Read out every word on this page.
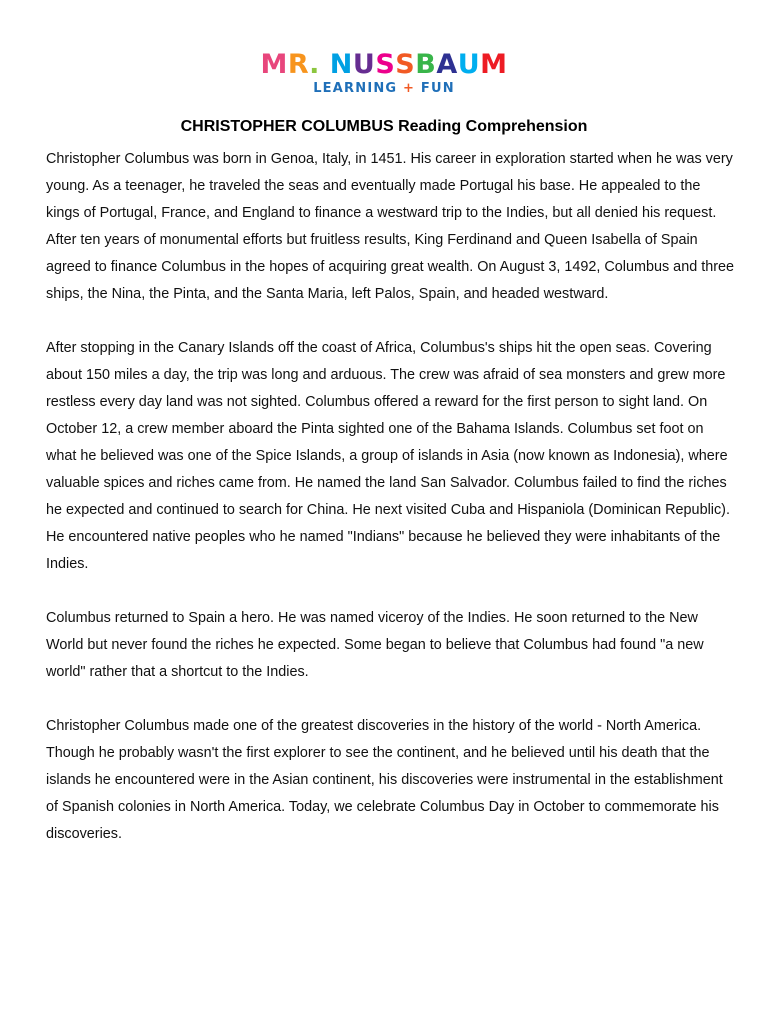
MR. NUSSBAUM
LEARNING + FUN
CHRISTOPHER COLUMBUS Reading Comprehension

Christopher Columbus was born in Genoa, Italy, in 1451. His career in exploration started when he was very young. As a teenager, he traveled the seas and eventually made Portugal his base. He appealed to the kings of Portugal, France, and England to finance a westward trip to the Indies, but all denied his request. After ten years of monumental efforts but fruitless results, King Ferdinand and Queen Isabella of Spain agreed to finance Columbus in the hopes of acquiring great wealth. On August 3, 1492, Columbus and three ships, the Nina, the Pinta, and the Santa Maria, left Palos, Spain, and headed westward.

After stopping in the Canary Islands off the coast of Africa, Columbus's ships hit the open seas. Covering about 150 miles a day, the trip was long and arduous. The crew was afraid of sea monsters and grew more restless every day land was not sighted. Columbus offered a reward for the first person to sight land. On October 12, a crew member aboard the Pinta sighted one of the Bahama Islands. Columbus set foot on what he believed was one of the Spice Islands, a group of islands in Asia (now known as Indonesia), where valuable spices and riches came from. He named the land San Salvador. Columbus failed to find the riches he expected and continued to search for China. He next visited Cuba and Hispaniola (Dominican Republic). He encountered native peoples who he named "Indians" because he believed they were inhabitants of the Indies.

Columbus returned to Spain a hero. He was named viceroy of the Indies. He soon returned to the New World but never found the riches he expected. Some began to believe that Columbus had found "a new world" rather that a shortcut to the Indies.

Christopher Columbus made one of the greatest discoveries in the history of the world - North America. Though he probably wasn't the first explorer to see the continent, and he believed until his death that the islands he encountered were in the Asian continent, his discoveries were instrumental in the establishment of Spanish colonies in North America. Today, we celebrate Columbus Day in October to commemorate his discoveries.
